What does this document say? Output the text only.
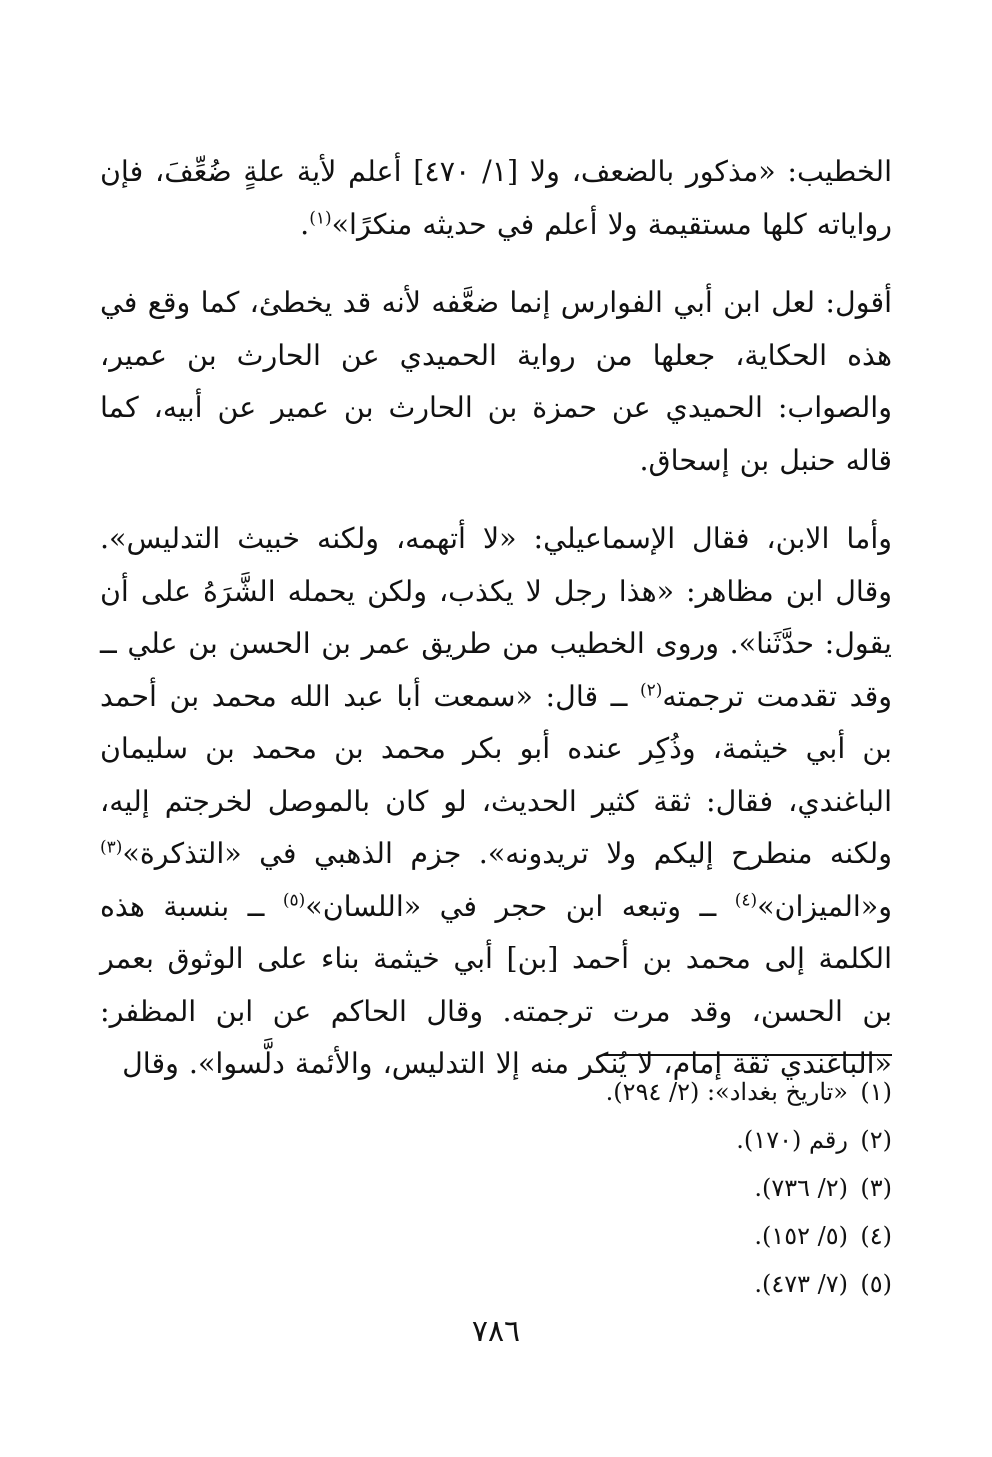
الخطيب: «مذكور بالضعف، ولا [١/ ٤٧٠] أعلم لأية علةٍ ضُعِّفَ، فإن رواياته كلها مستقيمة ولا أعلم في حديثه منكرًا»$^{(١)}$.

أقول: لعل ابن أبي الفوارس إنما ضعَّفه لأنه قد يخطئ، كما وقع في هذه الحكاية، جعلها من رواية الحميدي عن الحارث بن عمير، والصواب: الحميدي عن حمزة بن الحارث بن عمير عن أبيه، كما قاله حنبل بن إسحاق.

وأما الابن، فقال الإسماعيلي: «لا أتهمه، ولكنه خبيث التدليس». وقال ابن مظاهر: «هذا رجل لا يكذب، ولكن يحمله الشَّرَهُ على أن يقول: حدَّثَنا». وروى الخطيب من طريق عمر بن الحسن بن علي ــ وقد تقدمت ترجمته$^{(٢)}$ ــ قال: «سمعت أبا عبد الله محمد بن أحمد بن أبي خيثمة، وذُكِر عنده أبو بكر محمد بن محمد بن سليمان الباغندي، فقال: ثقة كثير الحديث، لو كان بالموصل لخرجتم إليه، ولكنه منطرح إليكم ولا تريدونه». جزم الذهبي في «التذكرة»$^{(٣)}$ و«الميزان»$^{(٤)}$ ــ وتبعه ابن حجر في «اللسان»$^{(٥)}$ ــ بنسبة هذه الكلمة إلى محمد بن أحمد [بن] أبي خيثمة بناء على الوثوق بعمر بن الحسن، وقد مرت ترجمته. وقال الحاكم عن ابن المظفر: «الباغندي ثقة إمام، لا يُنكر منه إلا التدليس، والأئمة دلَّسوا». وقال

(١)«تاريخ بغداد»: (٢/ ٢٩٤).
(٢)رقم (١٧٠).
(٣)(٢/ ٧٣٦).
(٤)(٥/ ١٥٢).
(٥)(٧/ ٤٧٣).
٧٨٦
